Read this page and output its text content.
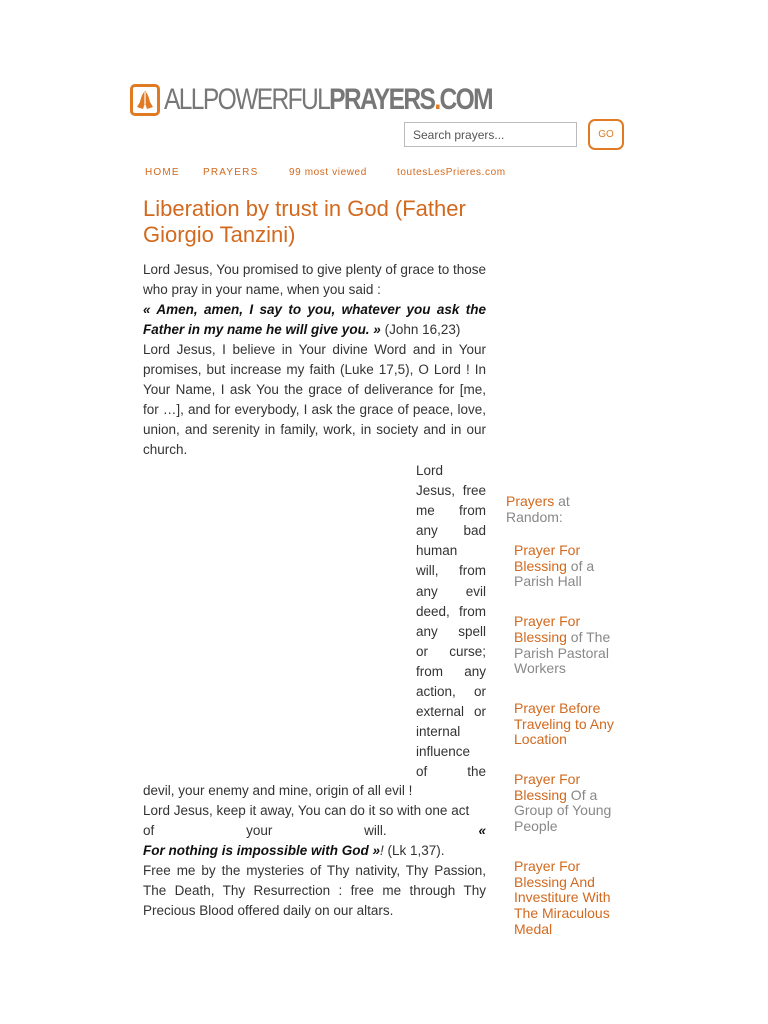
ALLPOWERFULPRAYERS.COM
Search prayers...
GO
HOME PRAYERS	99 most viewed	toutesLesPrieres.com
Liberation by trust in God (Father Giorgio Tanzini)

Lord Jesus, You promised to give plenty of grace to those who pray in your name, when you said :
« Amen, amen, I say to you, whatever you ask the Father in my name he will give you. » (John 16,23)
Lord Jesus, I believe in Your divine Word and in Your promises, but increase my faith (Luke 17,5), O Lord ! In Your Name, I ask You the grace of deliverance for [me, for …], and for everybody, I ask the grace of peace, love, union, and serenity in family, work, in society and in our church.

Lord
Jesus, free
me from
any bad
human
will, from
any evil
deed, from
any spell
or curse;
from any
action, or
external or
internal
influence
of the

devil, your enemy and mine, origin of all evil !

Lord Jesus, keep it away, You can do it so with one act

of	your	will.	«

For nothing is impossible with God »! (Lk 1,37).

Free me by the mysteries of Thy nativity, Thy Passion, The Death, Thy Resurrection : free me through Thy Precious Blood offered daily on our altars.

Prayers at Random:
Prayer For Blessing of a Parish Hall
Prayer For Blessing of The Parish Pastoral Workers
Prayer Before Traveling to Any Location
Prayer For Blessing Of a Group of Young People
Prayer For Blessing And Investiture With The Miraculous Medal
